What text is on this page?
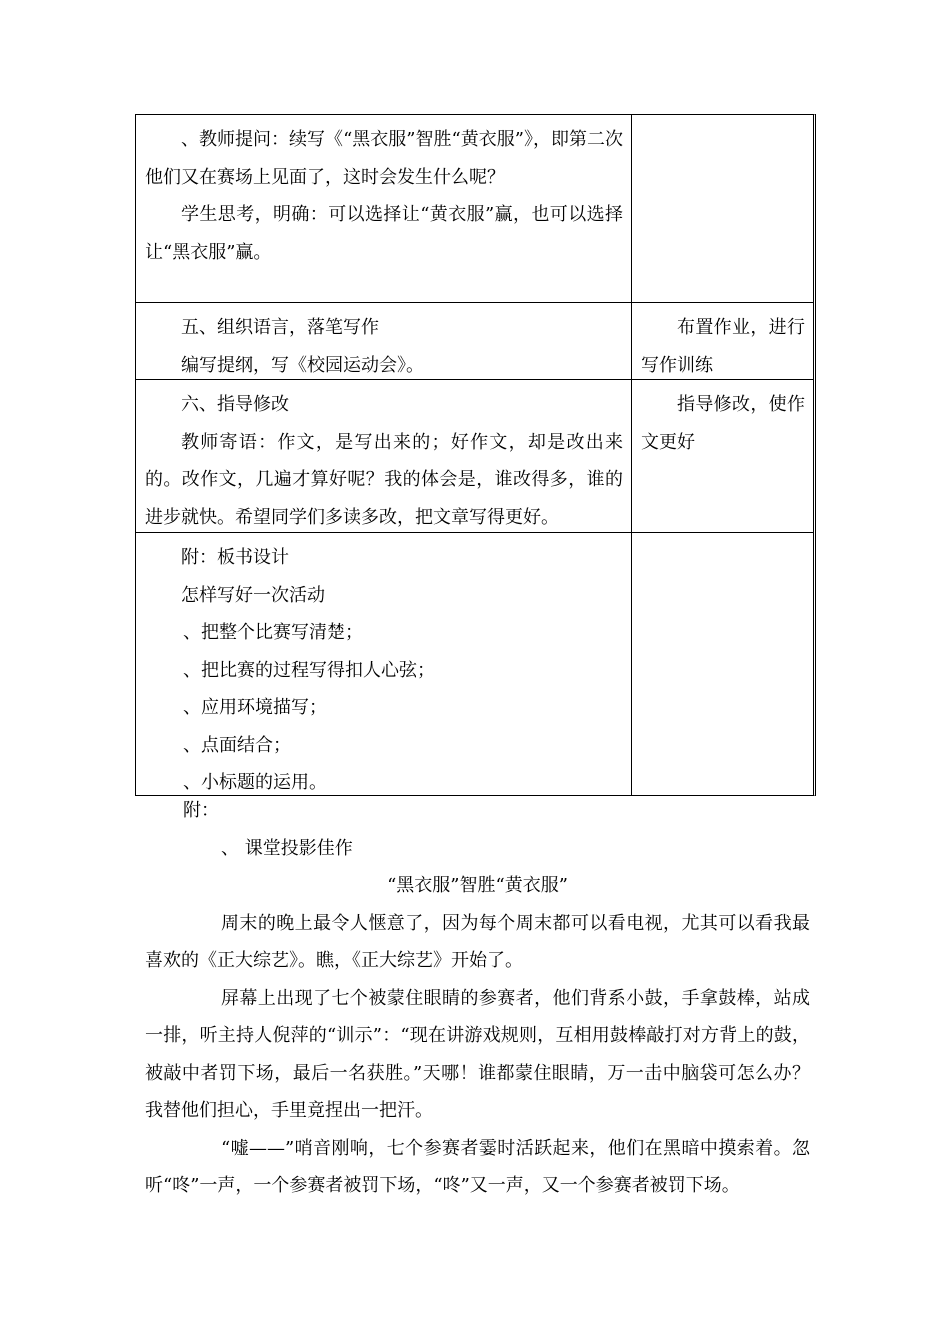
、教师提问：续写《“黑衣服”智胜“黄衣服”》，即第二次他们又在赛场上见面了，这时会发生什么呢？

学生思考，明确：可以选择让“黄衣服”赢，也可以选择让“黑衣服”赢。

五、组织语言，落笔写作

编写提纲，写《校园运动会》。

布置作业，进行写作训练

六、指导修改

教师寄语：作文，是写出来的；好作文，却是改出来的。改作文，几遍才算好呢？我的体会是，谁改得多，谁的进步就快。希望同学们多读多改，把文章写得更好。

指导修改，使作文更好

附：板书设计

怎样写好一次活动

、把整个比赛写清楚；

、把比赛的过程写得扣人心弦；

、应用环境描写；

、点面结合；

、小标题的运用。

附：

、 课堂投影佳作

“黑衣服”智胜“黄衣服”

周末的晚上最令人惬意了，因为每个周末都可以看电视，尤其可以看我最喜欢的《正大综艺》。瞧，《正大综艺》开始了。

屏幕上出现了七个被蒙住眼睛的参赛者，他们背系小鼓，手拿鼓棒，站成一排，听主持人倪萍的“训示”：“现在讲游戏规则，互相用鼓棒敲打对方背上的鼓，被敲中者罚下场，最后一名获胜。”天哪！谁都蒙住眼睛，万一击中脑袋可怎么办？我替他们担心，手里竟捏出一把汗。

“嘘——”哨音刚响，七个参赛者霎时活跃起来，他们在黑暗中摸索着。忽听“咚”一声，一个参赛者被罚下场，“咚”又一声，又一个参赛者被罚下场。
